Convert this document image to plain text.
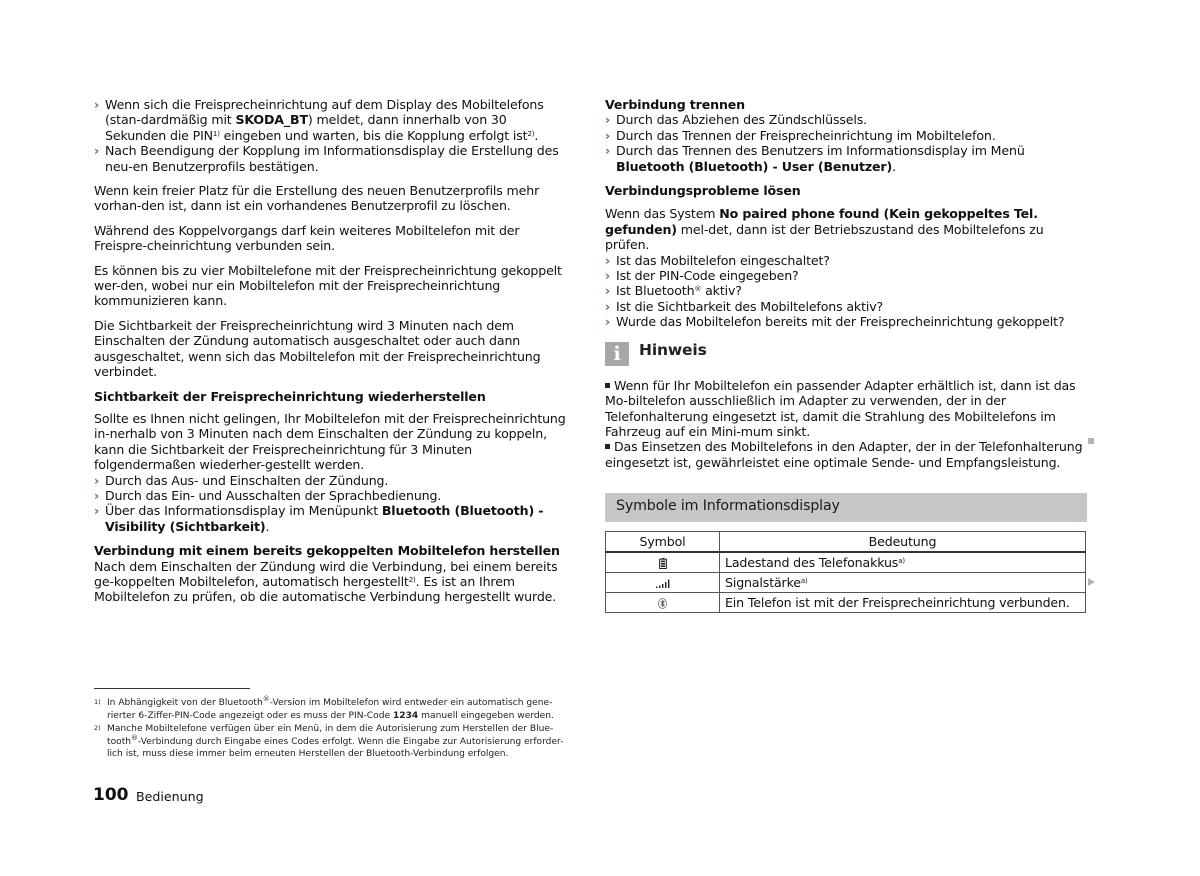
› Wenn sich die Freisprecheinrichtung auf dem Display des Mobiltelefons (stan-dardmäßig mit SKODA_BT) meldet, dann innerhalb von 30 Sekunden die PIN$^{1)}$ eingeben und warten, bis die Kopplung erfolgt ist$^{2)}$.
› Nach Beendigung der Kopplung im Informationsdisplay die Erstellung des neu-en Benutzerprofils bestätigen.

Wenn kein freier Platz für die Erstellung des neuen Benutzerprofils mehr vorhan-den ist, dann ist ein vorhandenes Benutzerprofil zu löschen.

Während des Koppelvorgangs darf kein weiteres Mobiltelefon mit der Freispre-cheinrichtung verbunden sein.

Es können bis zu vier Mobiltelefone mit der Freisprecheinrichtung gekoppelt wer-den, wobei nur ein Mobiltelefon mit der Freisprecheinrichtung kommunizieren kann.

Die Sichtbarkeit der Freisprecheinrichtung wird 3 Minuten nach dem Einschalten der Zündung automatisch ausgeschaltet oder auch dann ausgeschaltet, wenn sich das Mobiltelefon mit der Freisprecheinrichtung verbindet.

Sichtbarkeit der Freisprecheinrichtung wiederherstellen

Sollte es Ihnen nicht gelingen, Ihr Mobiltelefon mit der Freisprecheinrichtung in-nerhalb von 3 Minuten nach dem Einschalten der Zündung zu koppeln, kann die Sichtbarkeit der Freisprecheinrichtung für 3 Minuten folgendermaßen wiederher-gestellt werden.

› Durch das Aus- und Einschalten der Zündung.
› Durch das Ein- und Ausschalten der Sprachbedienung.
› Über das Informationsdisplay im Menüpunkt Bluetooth (Bluetooth) - Visibility (Sichtbarkeit).
Verbindung mit einem bereits gekoppelten Mobiltelefon herstellen

Nach dem Einschalten der Zündung wird die Verbindung, bei einem bereits ge-koppelten Mobiltelefon, automatisch hergestellt$^{2)}$. Es ist an Ihrem Mobiltelefon zu prüfen, ob die automatische Verbindung hergestellt wurde.

Verbindung trennen
› Durch das Abziehen des Zündschlüssels.
› Durch das Trennen der Freisprecheinrichtung im Mobiltelefon.
› Durch das Trennen des Benutzers im Informationsdisplay im Menü Bluetooth (Bluetooth) - User (Benutzer).
Verbindungsprobleme lösen

Wenn das System No paired phone found (Kein gekoppeltes Tel. gefunden) mel-det, dann ist der Betriebszustand des Mobiltelefons zu prüfen.

› Ist das Mobiltelefon eingeschaltet?
› Ist der PIN-Code eingegeben?
› Ist Bluetooth® aktiv?
› Ist die Sichtbarkeit des Mobiltelefons aktiv?
› Wurde das Mobiltelefon bereits mit der Freisprecheinrichtung gekoppelt?
i	Hinweis
Wenn für Ihr Mobiltelefon ein passender Adapter erhältlich ist, dann ist das Mo-biltelefon ausschließlich im Adapter zu verwenden, der in der Telefonhalterung eingesetzt ist, damit die Strahlung des Mobiltelefons im Fahrzeug auf ein Mini-mum sinkt.
Das Einsetzen des Mobiltelefons in den Adapter, der in der Telefonhalterung eingesetzt ist, gewährleistet eine optimale Sende- und Empfangsleistung.
Symbole im Informationsdisplay
Symbol	Bedeutung
	Ladestand des Telefonakkus$^{a)}$
	Signalstärke$^{a)}$
	Ein Telefon ist mit der Freisprecheinrichtung verbunden.
1) In Abhängigkeit von der Bluetooth®-Version im Mobiltelefon wird entweder ein automatisch gene-rierter 6-Ziffer-PIN-Code angezeigt oder es muss der PIN-Code 1234 manuell eingegeben werden.
2) Manche Mobiltelefone verfügen über ein Menü, in dem die Autorisierung zum Herstellen der Blue-tooth®-Verbindung durch Eingabe eines Codes erfolgt. Wenn die Eingabe zur Autorisierung erforder-lich ist, muss diese immer beim erneuten Herstellen der Bluetooth-Verbindung erfolgen.
100 Bedienung
